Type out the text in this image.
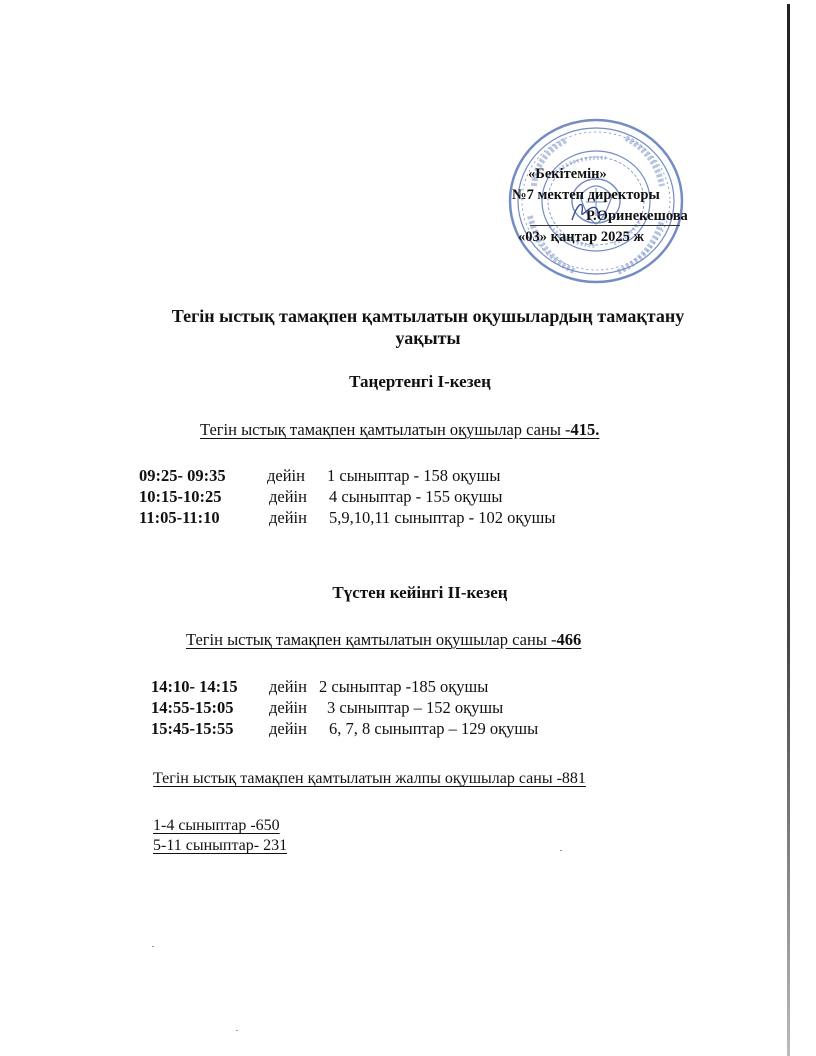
«Бекітемін»
№7 мектеп директоры
Р.Оринекешова
«03» қаңтар 2025 ж
Тегін ыстық тамақпен қамтылатын оқушылардың тамақтану уақыты
Таңертенгі І-кезең
Тегін ыстық тамақпен қамтылатын оқушылар саны -415.
09:25- 09:35	дейін 1 сыныптар - 158 оқушы
10:15-10:25	дейін 4 сыныптар - 155 оқушы
11:05-11:10	дейін 5,9,10,11 сыныптар - 102 оқушы
Түстен кейінгі ІІ-кезең
Тегін ыстық тамақпен қамтылатын оқушылар саны -466
14:10- 14:15 дейін 2 сыныптар -185 оқушы
14:55-15:05 дейін 3 сыныптар – 152 оқушы
15:45-15:55 дейін 6, 7, 8 сыныптар – 129 оқушы
Тегін ыстық тамақпен қамтылатын жалпы оқушылар саны -881
1-4 сыныптар -650
5-11 сыныптар- 231
